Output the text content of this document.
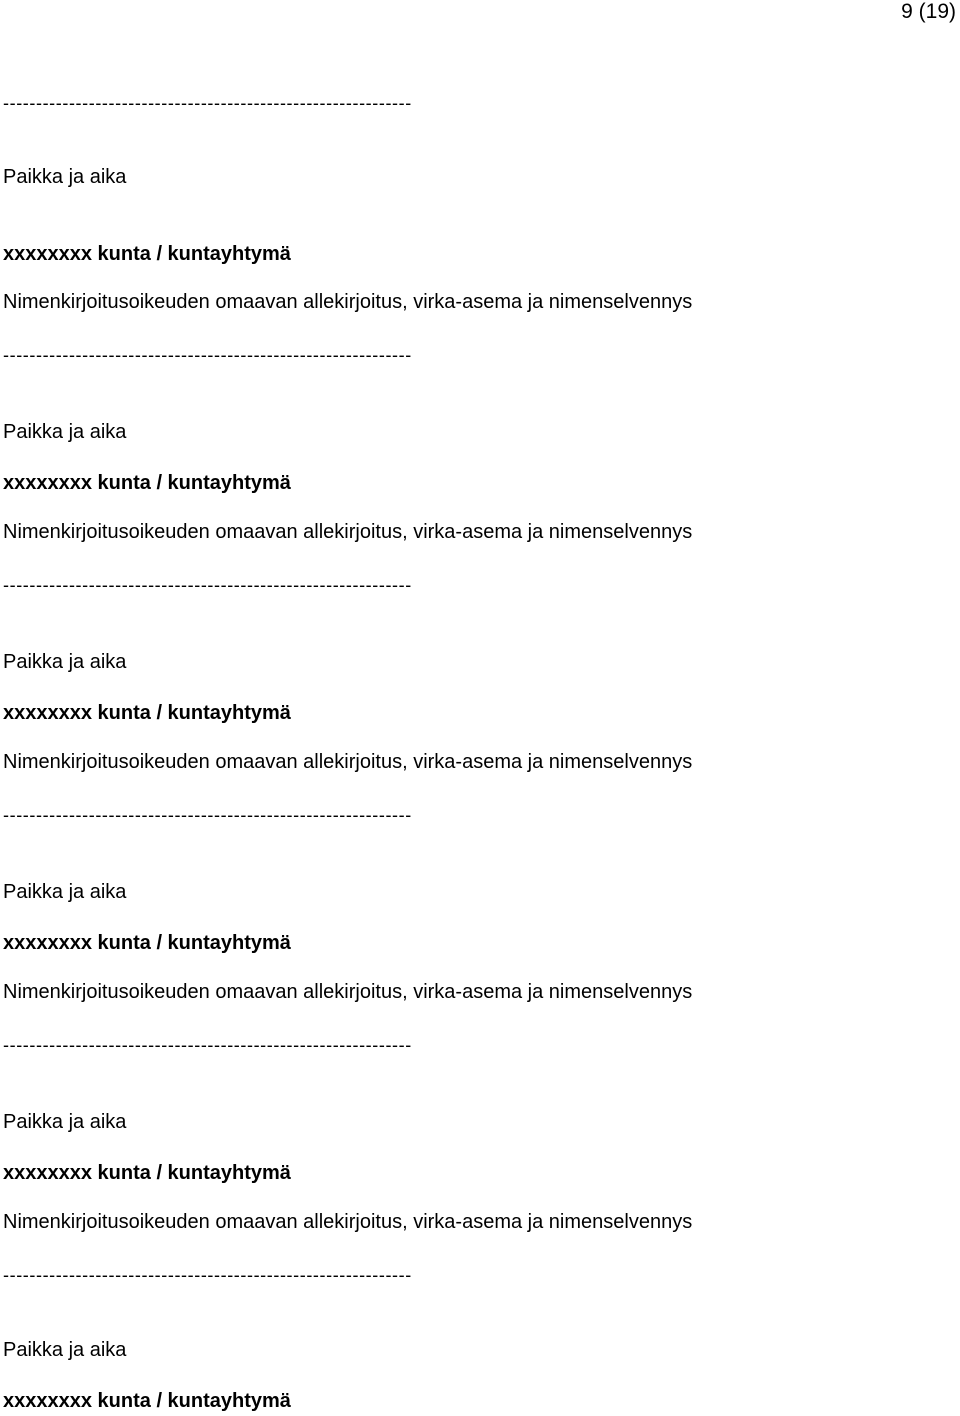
9 (19)
--------------------------------------------------------------
Paikka ja aika
xxxxxxxx kunta / kuntayhtymä
Nimenkirjoitusoikeuden omaavan allekirjoitus, virka-asema ja nimenselvennys
--------------------------------------------------------------
Paikka ja aika
xxxxxxxx kunta / kuntayhtymä
Nimenkirjoitusoikeuden omaavan allekirjoitus, virka-asema ja nimenselvennys
--------------------------------------------------------------
Paikka ja aika
xxxxxxxx kunta / kuntayhtymä
Nimenkirjoitusoikeuden omaavan allekirjoitus, virka-asema ja nimenselvennys
--------------------------------------------------------------
Paikka ja aika
xxxxxxxx kunta / kuntayhtymä
Nimenkirjoitusoikeuden omaavan allekirjoitus, virka-asema ja nimenselvennys
--------------------------------------------------------------
Paikka ja aika
xxxxxxxx kunta / kuntayhtymä
Nimenkirjoitusoikeuden omaavan allekirjoitus, virka-asema ja nimenselvennys
--------------------------------------------------------------
Paikka ja aika
xxxxxxxx kunta / kuntayhtymä
